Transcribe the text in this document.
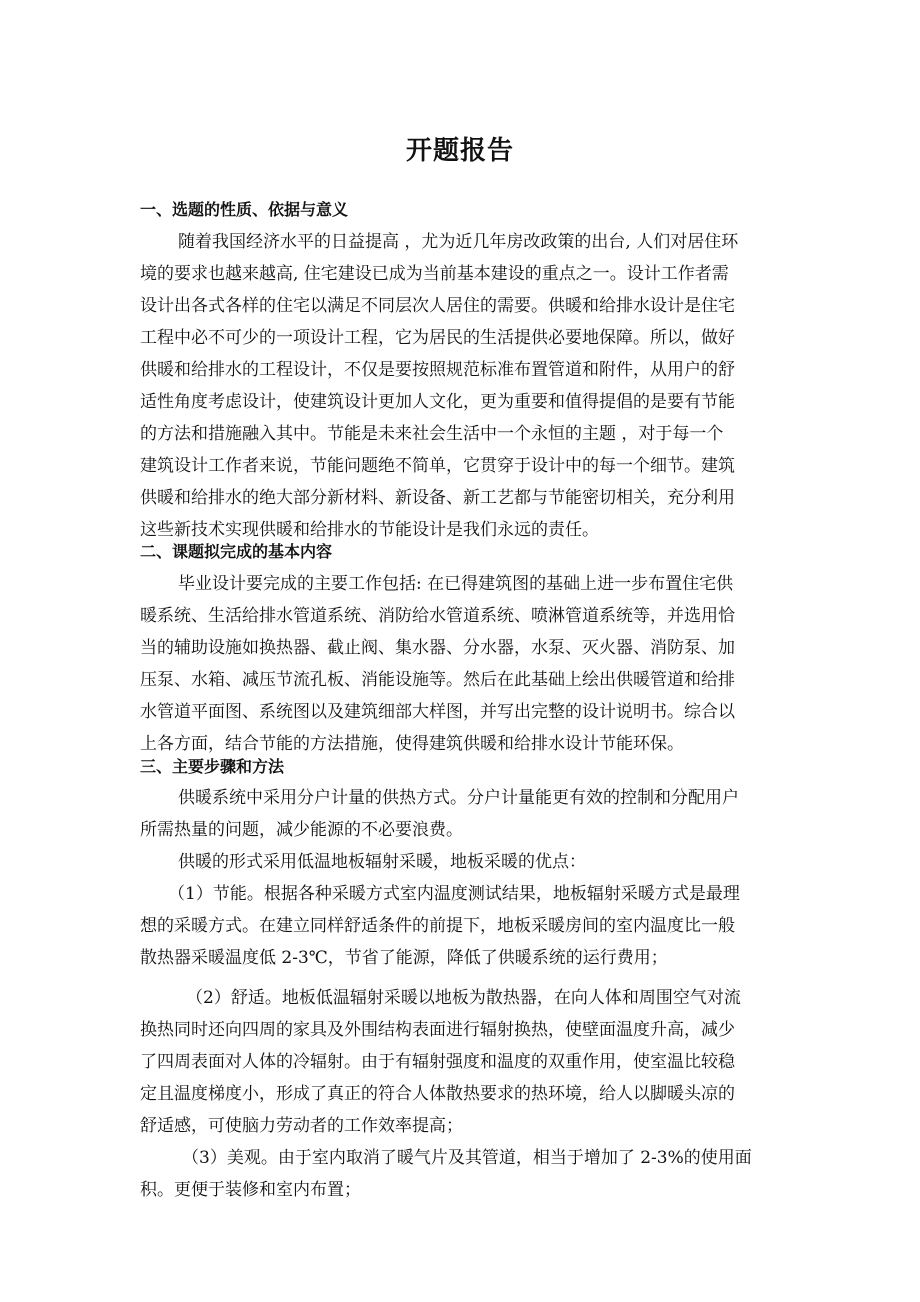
开题报告
一、选题的性质、依据与意义
随着我国经济水平的日益提高 ，尤为近几年房改政策的出台, 人们对居住环
境的要求也越来越高, 住宅建设已成为当前基本建设的重点之一。设计工作者需
设计出各式各样的住宅以满足不同层次人居住的需要。供暖和给排水设计是住宅
工程中必不可少的一项设计工程，它为居民的生活提供必要地保障。所以，做好
供暖和给排水的工程设计，不仅是要按照规范标准布置管道和附件，从用户的舒
适性角度考虑设计，使建筑设计更加人文化，更为重要和值得提倡的是要有节能
的方法和措施融入其中。节能是未来社会生活中一个永恒的主题 ，对于每一个
建筑设计工作者来说，节能问题绝不简单，它贯穿于设计中的每一个细节。建筑
供暖和给排水的绝大部分新材料、新设备、新工艺都与节能密切相关，充分利用
这些新技术实现供暖和给排水的节能设计是我们永远的责任。
二、课题拟完成的基本内容
毕业设计要完成的主要工作包括: 在已得建筑图的基础上进一步布置住宅供
暖系统、生活给排水管道系统、消防给水管道系统、喷淋管道系统等，并选用恰
当的辅助设施如换热器、截止阀、集水器、分水器，水泵、灭火器、消防泵、加
压泵、水箱、减压节流孔板、消能设施等。然后在此基础上绘出供暖管道和给排
水管道平面图、系统图以及建筑细部大样图，并写出完整的设计说明书。综合以
上各方面，结合节能的方法措施，使得建筑供暖和给排水设计节能环保。
三、主要步骤和方法
供暖系统中采用分户计量的供热方式。分户计量能更有效的控制和分配用户
所需热量的问题，减少能源的不必要浪费。
供暖的形式采用低温地板辐射采暖，地板采暖的优点：
（1）节能。根据各种采暖方式室内温度测试结果，地板辐射采暖方式是最理
想的采暖方式。在建立同样舒适条件的前提下，地板采暖房间的室内温度比一般
散热器采暖温度低 2-3℃，节省了能源，降低了供暖系统的运行费用；
（2）舒适。地板低温辐射采暖以地板为散热器，在向人体和周围空气对流
换热同时还向四周的家具及外围结构表面进行辐射换热，使壁面温度升高，减少
了四周表面对人体的冷辐射。由于有辐射强度和温度的双重作用，使室温比较稳
定且温度梯度小，形成了真正的符合人体散热要求的热环境，给人以脚暖头凉的
舒适感，可使脑力劳动者的工作效率提高；
（3）美观。由于室内取消了暖气片及其管道，相当于增加了 2-3%的使用面
积。更便于装修和室内布置；
